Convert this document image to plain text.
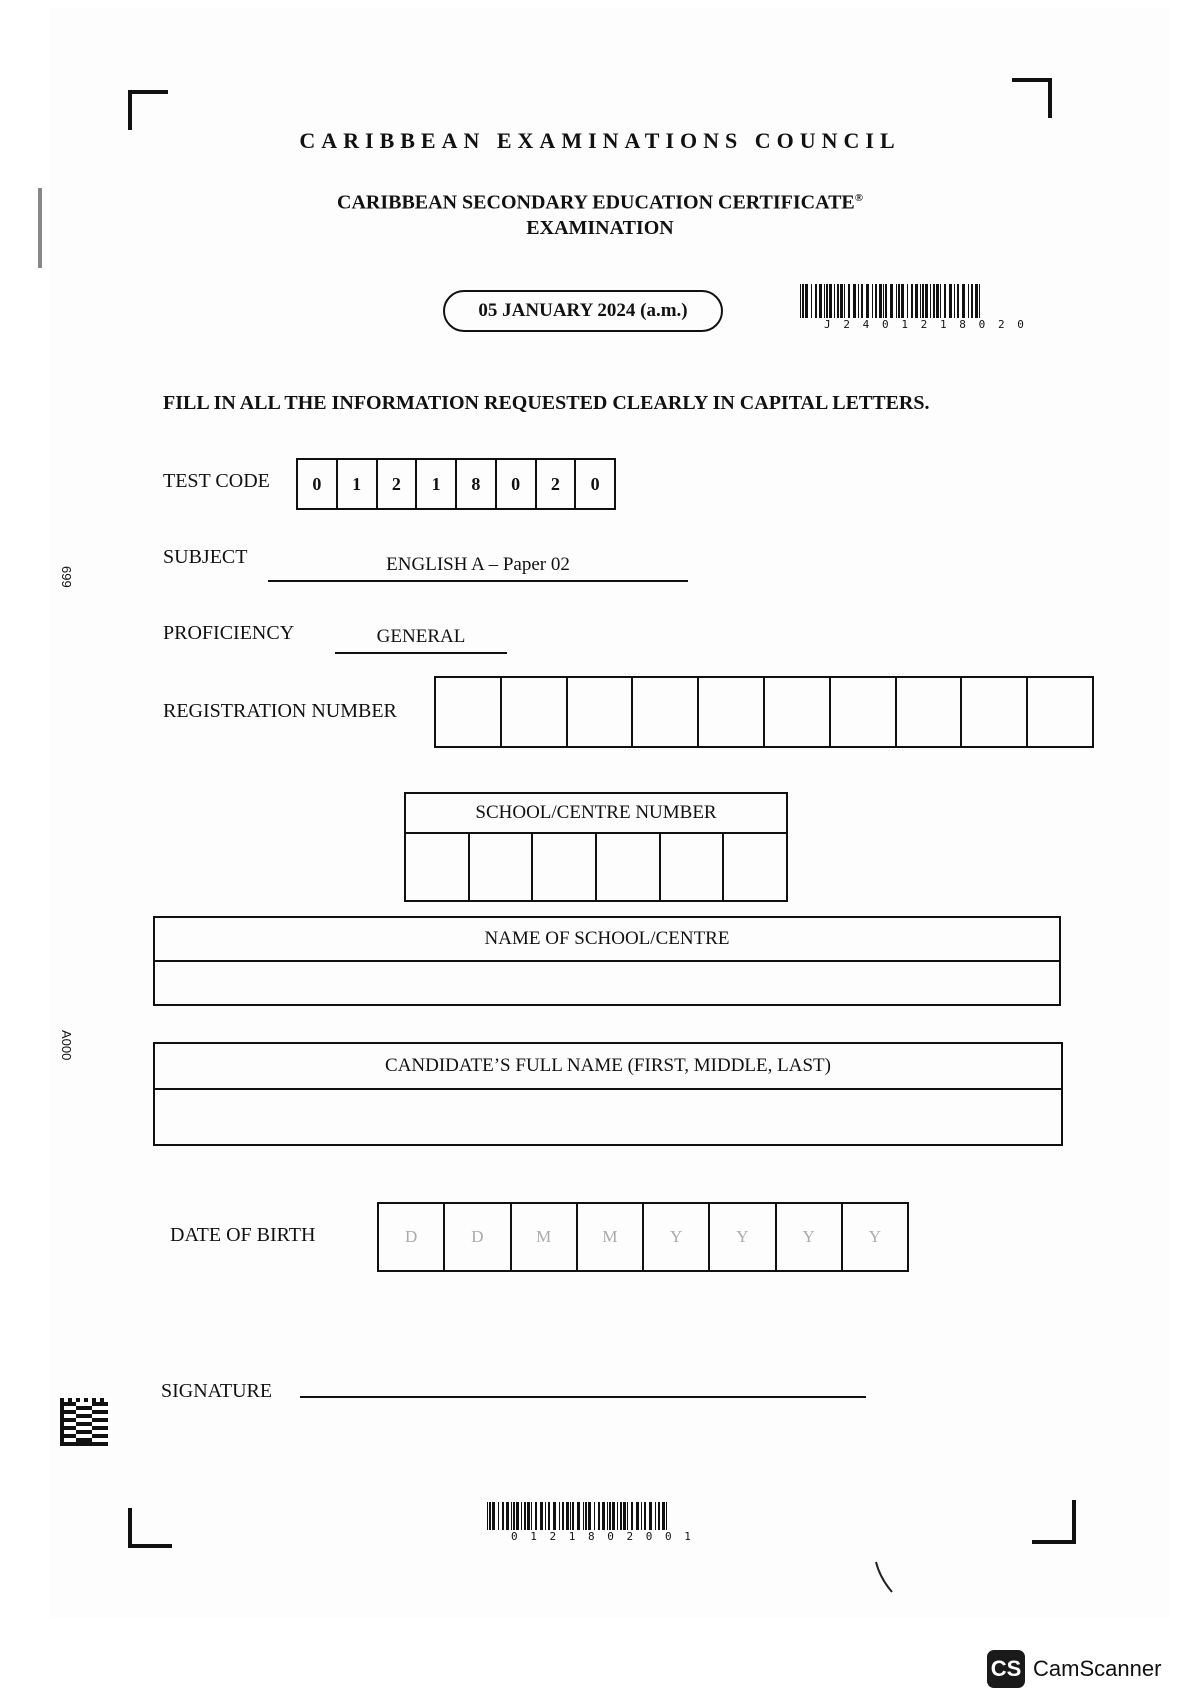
CARIBBEAN EXAMINATIONS COUNCIL
CARIBBEAN SECONDARY EDUCATION CERTIFICATE®
EXAMINATION
05 JANUARY 2024 (a.m.)
J 2 4 0 1 2 1 8 0 2 0
FILL IN ALL THE INFORMATION REQUESTED CLEARLY IN CAPITAL LETTERS.
TEST CODE	0	1	2	1	8	0	2	0
SUBJECT	ENGLISH A – Paper 02
PROFICIENCY	GENERAL
REGISTRATION NUMBER
SCHOOL/CENTRE NUMBER
NAME OF SCHOOL/CENTRE
CANDIDATE’S FULL NAME (FIRST, MIDDLE, LAST)
DATE OF BIRTH	D	D	M	M	Y	Y	Y	Y
SIGNATURE
699
A000
0 1 2 1 8 0 2 0 0 1
CS CamScanner
